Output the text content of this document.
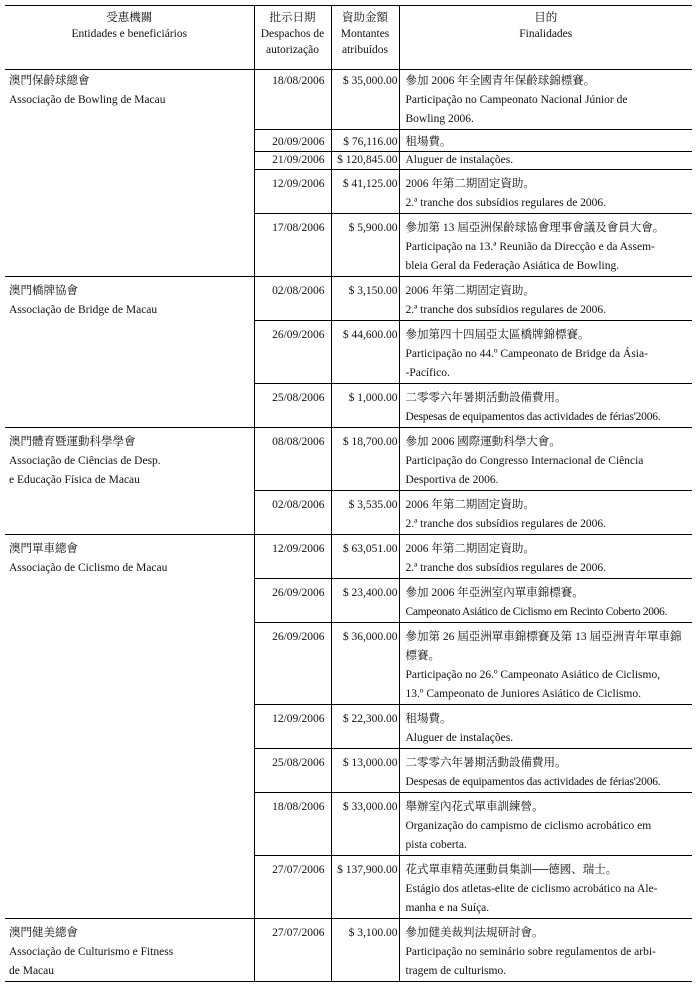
受惠機關
Entidades e beneficiários	批示日期
Despachos de
autorização	資助金額
Montantes
atribuídos	目的
Finalidades

澳門保齡球總會
Associação de Bowling de Macau	18/08/2006	$ 35,000.00	參加 2006 年全國青年保齡球錦標賽。
Participação no Campeonato Nacional Júnior de
Bowling 2006.

	20/09/2006	$ 76,116.00	租場費。

	21/09/2006	$ 120,845.00	Aluguer de instalações.

	12/09/2006	$ 41,125.00	2006 年第二期固定資助。
2.ª tranche dos subsídios regulares de 2006.

	17/08/2006	$ 5,900.00	參加第 13 屆亞洲保齡球協會理事會議及會員大會。
Participação na 13.ª Reunião da Direcção e da Assem-
bleia Geral da Federação Asiática de Bowling.

澳門橋牌協會
Associação de Bridge de Macau	02/08/2006	$ 3,150.00	2006 年第二期固定資助。
2.ª tranche dos subsídios regulares de 2006.

	26/09/2006	$ 44,600.00	參加第四十四屆亞太區橋牌錦標賽。
Participação no 44.º Campeonato de Bridge da Ásia-
-Pacífico.

	25/08/2006	$ 1,000.00	二零零六年暑期活動設備費用。
Despesas de equipamentos das actividades de férias'2006.

澳門體育暨運動科學學會
Associação de Ciências de Desp.
e Educação Física de Macau	08/08/2006	$ 18,700.00	參加 2006 國際運動科學大會。
Participação do Congresso Internacional de Ciência
Desportiva de 2006.

	02/08/2006	$ 3,535.00	2006 年第二期固定資助。
2.ª tranche dos subsídios regulares de 2006.

澳門單車總會
Associação de Ciclismo de Macau	12/09/2006	$ 63,051.00	2006 年第二期固定資助。
2.ª tranche dos subsídios regulares de 2006.

	26/09/2006	$ 23,400.00	參加 2006 年亞洲室內單車錦標賽。
Campeonato Asiático de Ciclismo em Recinto Coberto 2006.

	26/09/2006	$ 36,000.00	參加第 26 屆亞洲單車錦標賽及第 13 屆亞洲青年單車錦
標賽。
Participação no 26.º Campeonato Asiático de Ciclismo,
13.º Campeonato de Juniores Asiático de Ciclismo.

	12/09/2006	$ 22,300.00	租場費。
Aluguer de instalações.

	25/08/2006	$ 13,000.00	二零零六年暑期活動設備費用。
Despesas de equipamentos das actividades de férias'2006.

	18/08/2006	$ 33,000.00	舉辦室內花式單車訓練營。
Organização do campismo de ciclismo acrobático em
pista coberta.

	27/07/2006	$ 137,900.00	花式單車精英運動員集訓──德國、瑞士。
Estágio dos atletas-elite de ciclismo acrobático na Ale-
manha e na Suíça.

澳門健美總會
Associação de Culturismo e Fitness
de Macau	27/07/2006	$ 3,100.00	參加健美裁判法規研討會。
Participação no seminário sobre regulamentos de arbi-
tragem de culturismo.
